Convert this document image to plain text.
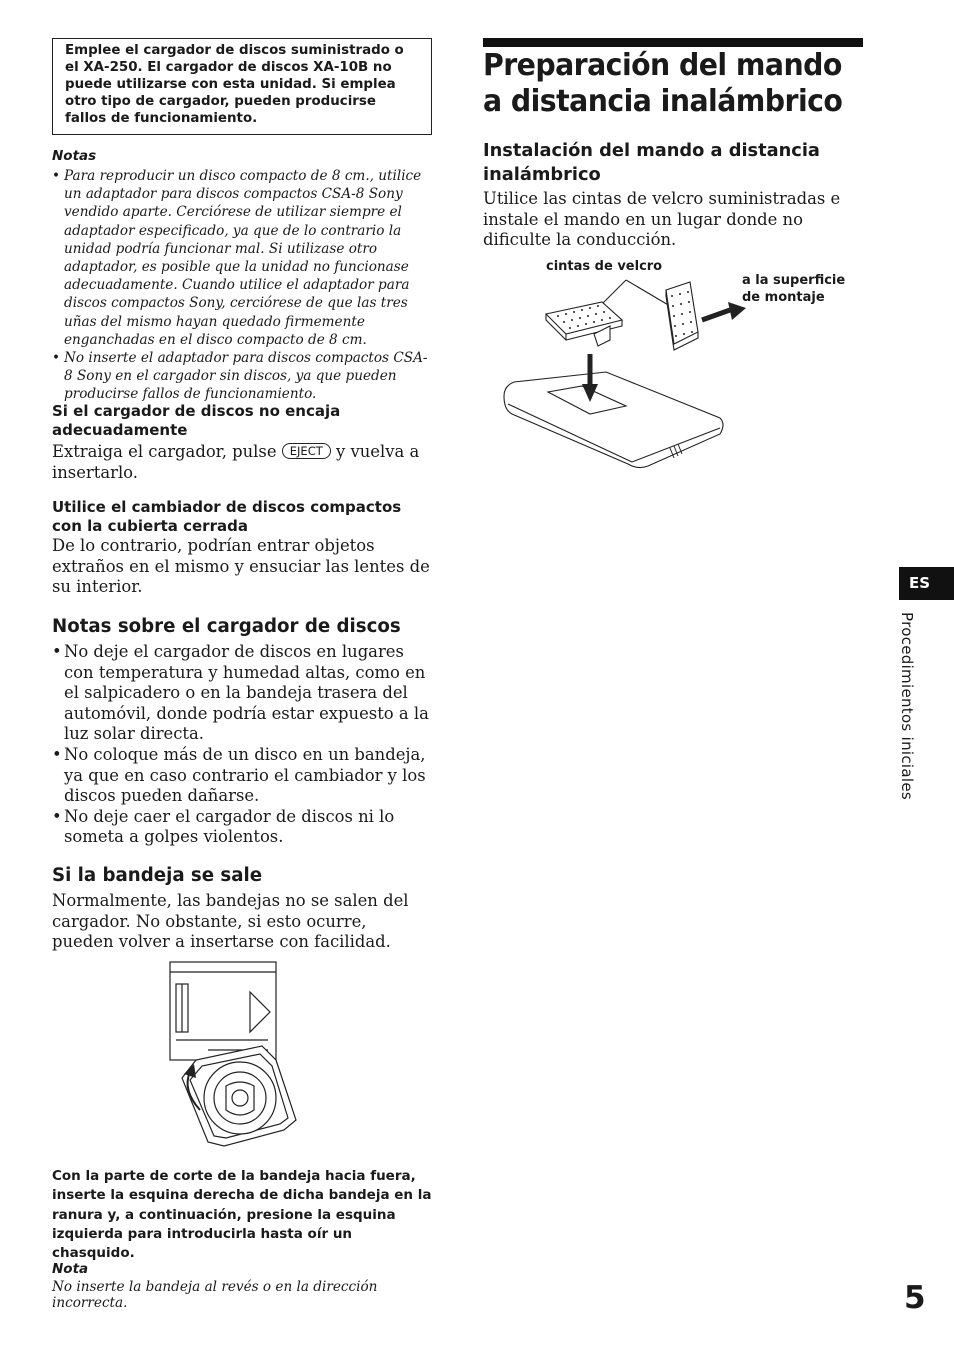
Emplee el cargador de discos suministrado o el XA-250. El cargador de discos XA-10B no puede utilizarse con esta unidad. Si emplea otro tipo de cargador, pueden producirse fallos de funcionamiento.
Notas
• Para reproducir un disco compacto de 8 cm., utilice un adaptador para discos compactos CSA-8 Sony vendido aparte. Cerciórese de utilizar siempre el adaptador especificado, ya que de lo contrario la unidad podría funcionar mal. Si utilizase otro adaptador, es posible que la unidad no funcionase adecuadamente. Cuando utilice el adaptador para discos compactos Sony, cerciórese de que las tres uñas del mismo hayan quedado firmemente enganchadas en el disco compacto de 8 cm.
• No inserte el adaptador para discos compactos CSA-8 Sony en el cargador sin discos, ya que pueden producirse fallos de funcionamiento.

Si el cargador de discos no encaja adecuadamente

Extraiga el cargador, pulse EJECT y vuelva a insertarlo.

Utilice el cambiador de discos compactos con la cubierta cerrada

De lo contrario, podrían entrar objetos extraños en el mismo y ensuciar las lentes de su interior.

Notas sobre el cargador de discos

• No deje el cargador de discos en lugares con temperatura y humedad altas, como en el salpicadero o en la bandeja trasera del automóvil, donde podría estar expuesto a la luz solar directa.
• No coloque más de un disco en un bandeja, ya que en caso contrario el cambiador y los discos pueden dañarse.
• No deje caer el cargador de discos ni lo someta a golpes violentos.

Si la bandeja se sale

Normalmente, las bandejas no se salen del cargador. No obstante, si esto ocurre, pueden volver a insertarse con facilidad.

Con la parte de corte de la bandeja hacia fuera, inserte la esquina derecha de dicha bandeja en la ranura y, a continuación, presione la esquina izquierda para introducirla hasta oír un chasquido.
Nota
No inserte la bandeja al revés o en la dirección incorrecta.
Preparación del mando a distancia inalámbrico

Instalación del mando a distancia inalámbrico

Utilice las cintas de velcro suministradas e instale el mando en un lugar donde no dificulte la conducción.

cintas de velcro
a la superficie
de montaje
ES
Procedimientos iniciales
5
